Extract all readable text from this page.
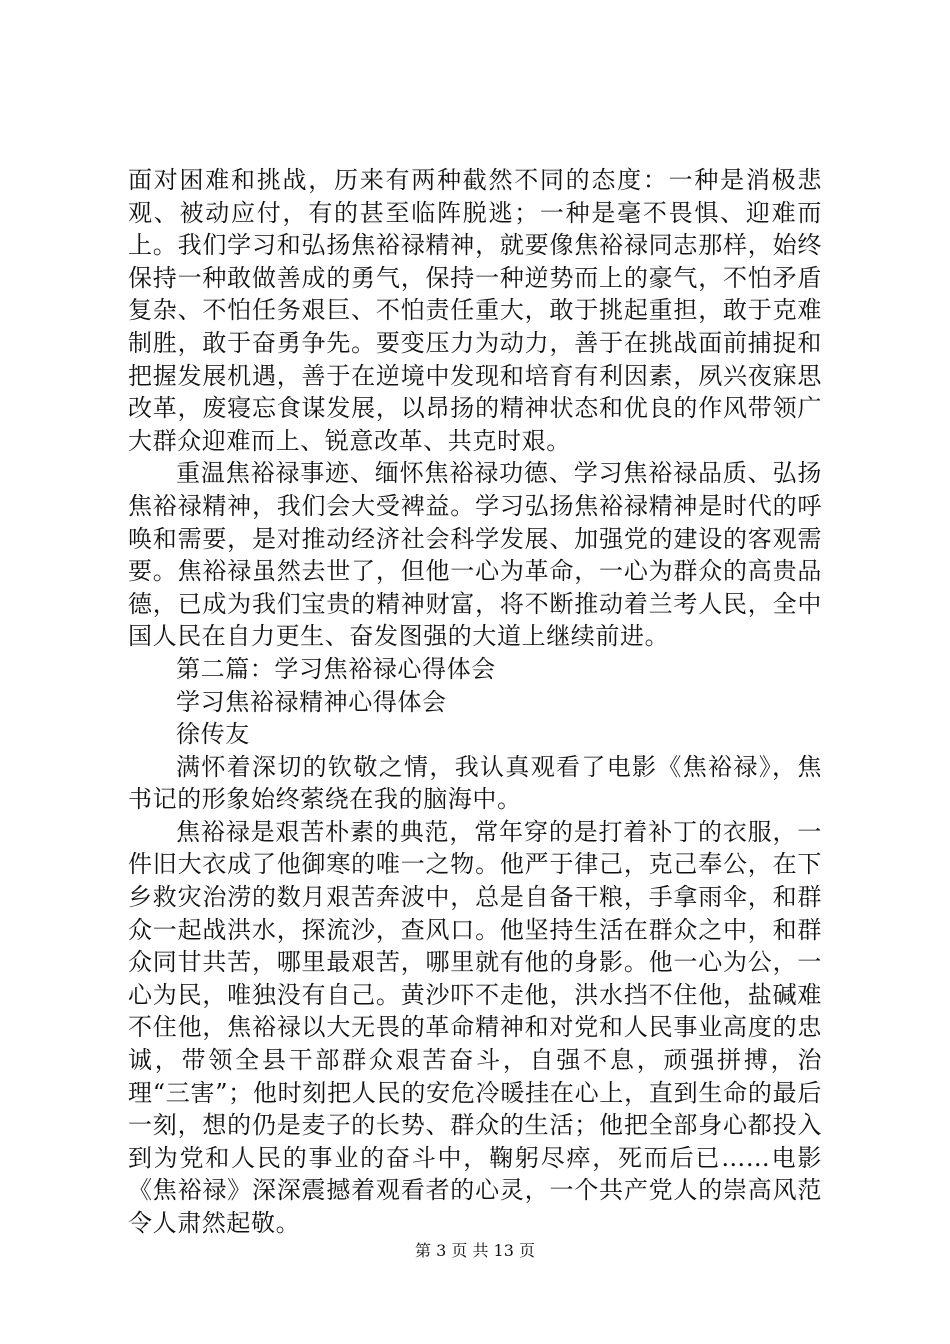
面对困难和挑战，历来有两种截然不同的态度：一种是消极悲观、被动应付，有的甚至临阵脱逃；一种是毫不畏惧、迎难而上。我们学习和弘扬焦裕禄精神，就要像焦裕禄同志那样，始终保持一种敢做善成的勇气，保持一种逆势而上的豪气，不怕矛盾复杂、不怕任务艰巨、不怕责任重大，敢于挑起重担，敢于克难制胜，敢于奋勇争先。要变压力为动力，善于在挑战面前捕捉和把握发展机遇，善于在逆境中发现和培育有利因素，夙兴夜寐思改革，废寝忘食谋发展，以昂扬的精神状态和优良的作风带领广大群众迎难而上、锐意改革、共克时艰。

重温焦裕禄事迹、缅怀焦裕禄功德、学习焦裕禄品质、弘扬焦裕禄精神，我们会大受裨益。学习弘扬焦裕禄精神是时代的呼唤和需要，是对推动经济社会科学发展、加强党的建设的客观需要。焦裕禄虽然去世了，但他一心为革命，一心为群众的高贵品德，已成为我们宝贵的精神财富，将不断推动着兰考人民，全中国人民在自力更生、奋发图强的大道上继续前进。

第二篇：学习焦裕禄心得体会

学习焦裕禄精神心得体会

徐传友

满怀着深切的钦敬之情，我认真观看了电影《焦裕禄》，焦书记的形象始终萦绕在我的脑海中。

焦裕禄是艰苦朴素的典范，常年穿的是打着补丁的衣服，一件旧大衣成了他御寒的唯一之物。他严于律己，克己奉公，在下乡救灾治涝的数月艰苦奔波中，总是自备干粮，手拿雨伞，和群众一起战洪水，探流沙，查风口。他坚持生活在群众之中，和群众同甘共苦，哪里最艰苦，哪里就有他的身影。他一心为公，一心为民，唯独没有自己。黄沙吓不走他，洪水挡不住他，盐碱难不住他，焦裕禄以大无畏的革命精神和对党和人民事业高度的忠诚，带领全县干部群众艰苦奋斗，自强不息，顽强拼搏，治理“三害”；他时刻把人民的安危冷暖挂在心上，直到生命的最后一刻，想的仍是麦子的长势、群众的生活；他把全部身心都投入到为党和人民的事业的奋斗中，鞠躬尽瘁，死而后已……电影《焦裕禄》深深震撼着观看者的心灵，一个共产党人的崇高风范令人肃然起敬。

第 3 页 共 13 页
